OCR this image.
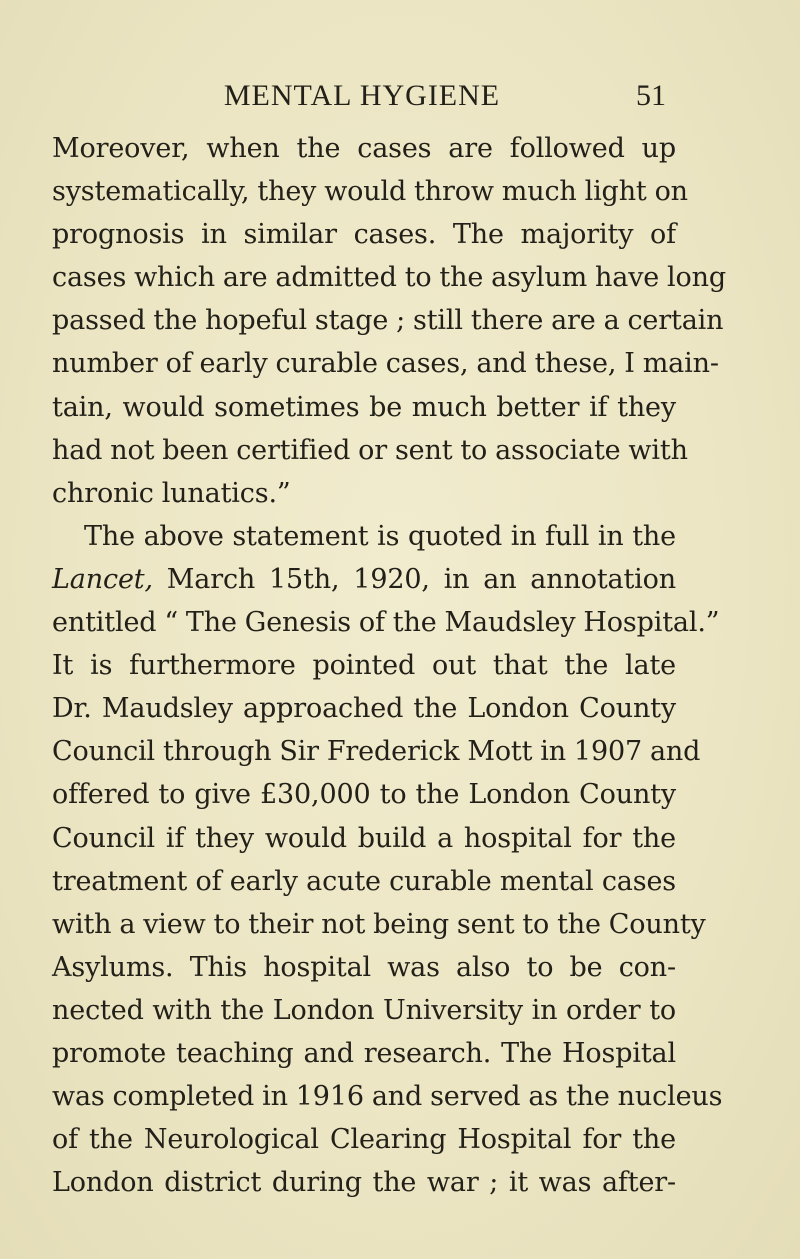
MENTAL HYGIENE	51
Moreover, when the cases are followed up
systematically, they would throw much light on
prognosis in similar cases. The majority of
cases which are admitted to the asylum have long
passed the hopeful stage ; still there are a certain
number of early curable cases, and these, I main-
tain, would sometimes be much better if they
had not been certified or sent to associate with
chronic lunatics.”
The above statement is quoted in full in the
Lancet, March 15th, 1920, in an annotation
entitled “ The Genesis of the Maudsley Hospital.”
It is furthermore pointed out that the late
Dr. Maudsley approached the London County
Council through Sir Frederick Mott in 1907 and
offered to give £30,000 to the London County
Council if they would build a hospital for the
treatment of early acute curable mental cases
with a view to their not being sent to the County
Asylums. This hospital was also to be con-
nected with the London University in order to
promote teaching and research. The Hospital
was completed in 1916 and served as the nucleus
of the Neurological Clearing Hospital for the
London district during the war ; it was after-
